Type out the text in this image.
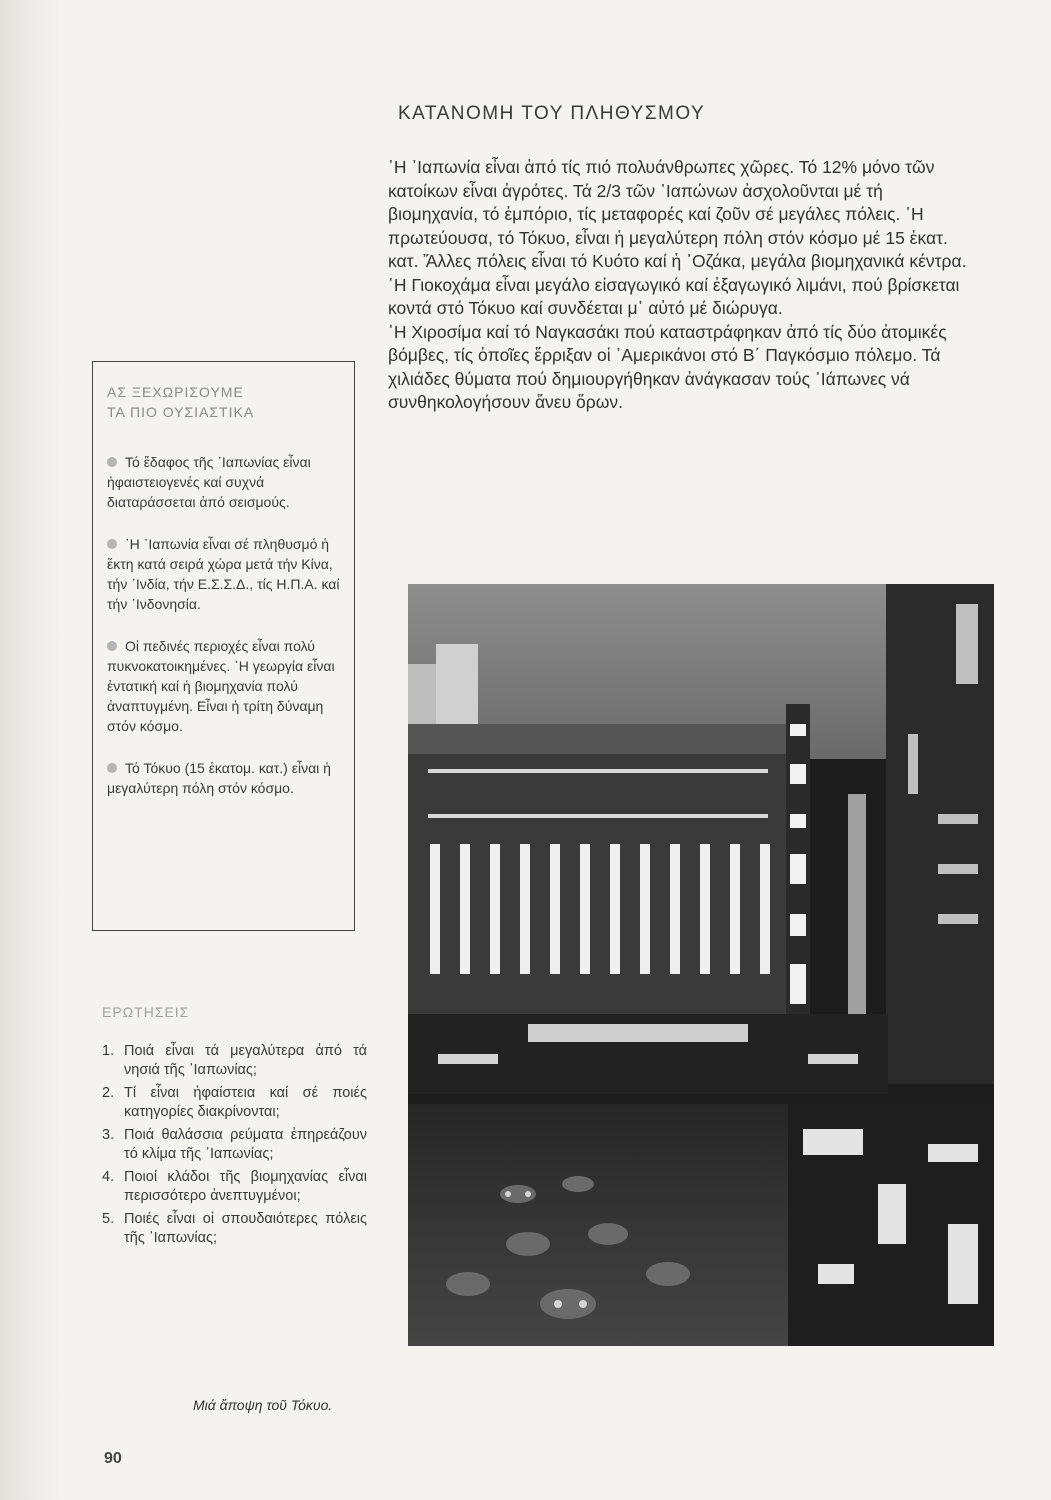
ΚΑΤΑΝΟΜΗ ΤΟΥ ΠΛΗΘΥΣΜΟΥ

῾Η ᾿Ιαπωνία εἶναι ἀπό τίς πιό πολυάνθρωπες χῶρες. Τό 12% μόνο τῶν κατοίκων εἶναι ἀγρότες. Τά 2/3 τῶν ᾿Ιαπώνων ἀσχολοῦνται μέ τή βιομηχανία, τό ἐμπόριο, τίς μεταφορές καί ζοῦν σέ μεγάλες πόλεις. ῾Η πρωτεύουσα, τό Τόκυο, εἶναι ἡ μεγαλύτερη πόλη στόν κόσμο μέ 15 ἑκατ. κατ. Ἄλλες πόλεις εἶναι τό Κυότο καί ἡ ᾿Οζάκα, μεγάλα βιομηχανικά κέντρα. ῾Η Γιοκοχάμα εἶναι μεγάλο εἰσαγωγικό καί ἐξαγωγικό λιμάνι, πού βρίσκεται κοντά στό Τόκυο καί συνδέεται μ᾿ αὐτό μέ διώρυγα.

῾Η Χιροσίμα καί τό Ναγκασάκι πού καταστράφηκαν ἀπό τίς δύο ἀτομικές βόμβες, τίς ὁποῖες ἔρριξαν οἱ ᾿Αμερικάνοι στό Β΄ Παγκόσμιο πόλεμο. Τά χιλιάδες θύματα πού δημιουργήθηκαν ἀνάγκασαν τούς ᾿Ιάπωνες νά συνθηκολογήσουν ἄνευ ὅρων.

ΑΣ ΞΕΧΩΡΙΣΟΥΜΕ
ΤΑ ΠΙΟ ΟΥΣΙΑΣΤΙΚΑ
Τό ἔδαφος τῆς ᾿Ιαπωνίας εἶναι ἡφαιστειογενές καί συχνά διαταράσσεται ἀπό σεισμούς.
῾Η ᾿Ιαπωνία εἶναι σέ πληθυσμό ἡ ἕκτη κατά σειρά χώρα μετά τήν Κίνα, τήν ᾿Ινδία, τήν Ε.Σ.Σ.Δ., τίς Η.Π.Α. καί τήν ᾿Ινδονησία.
Οἱ πεδινές περιοχές εἶναι πολύ πυκνοκατοικημένες. ῾Η γεωργία εἶναι ἐντατική καί ἡ βιομηχανία πολύ ἀναπτυγμένη. Εἶναι ἡ τρίτη δύναμη στόν κόσμο.
Τό Τόκυο (15 ἑκατομ. κατ.) εἶναι ἡ μεγαλύτερη πόλη στόν κόσμο.
ΕΡΩΤΗΣΕΙΣ
1. Ποιά εἶναι τά μεγαλύτερα ἀπό τά νησιά τῆς ᾿Ιαπωνίας;
2. Τί εἶναι ἡφαίστεια καί σέ ποιές κατηγορίες διακρίνονται;
3. Ποιά θαλάσσια ρεύματα ἐπηρεάζουν τό κλίμα τῆς ᾿Ιαπωνίας;
4. Ποιοί κλάδοι τῆς βιομηχανίας εἶναι περισσότερο ἀνεπτυγμένοι;
5. Ποιές εἶναι οἱ σπουδαιότερες πόλεις τῆς ᾿Ιαπωνίας;
Μιά ἄποψη τοῦ Τόκυο.
90
